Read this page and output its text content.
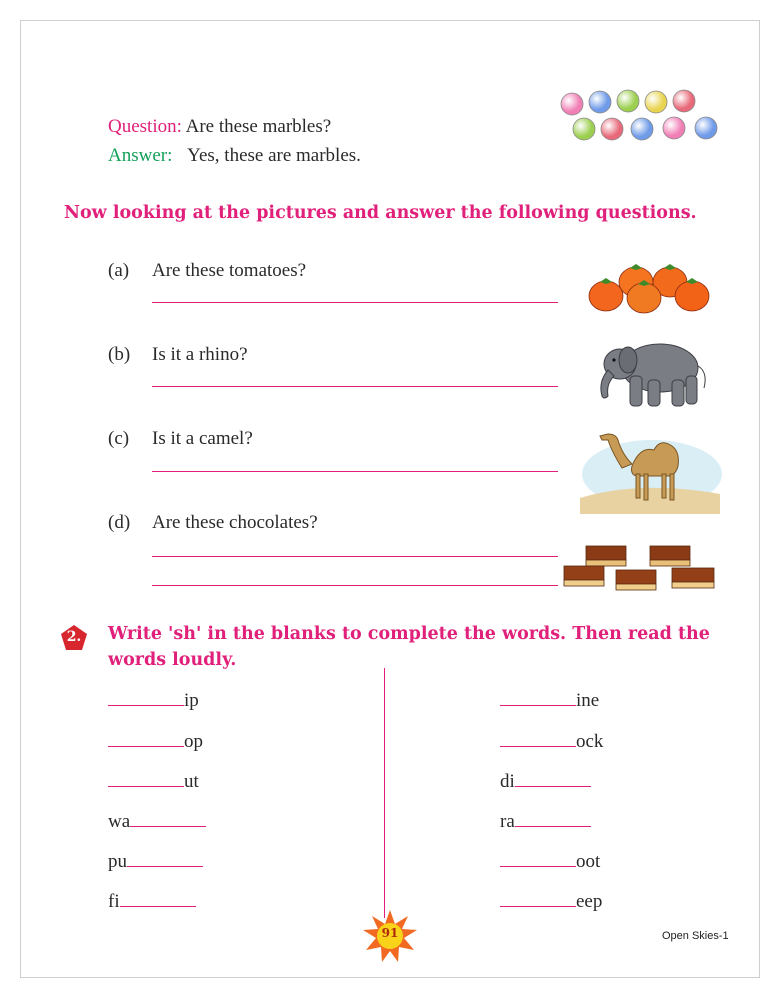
Question: Are these marbles?
Answer: Yes, these are marbles.
Now looking at the pictures and answer the following questions.
(a) Are these tomatoes?
(b) Is it a rhino?
(c) Is it a camel?
(d) Are these chocolates?
2.	Write 'sh' in the blanks to complete the words. Then read the
words loudly.
ip
op
ut
wa
pu
fi
ine
ock
di
ra
oot
eep
91	Open Skies-1
